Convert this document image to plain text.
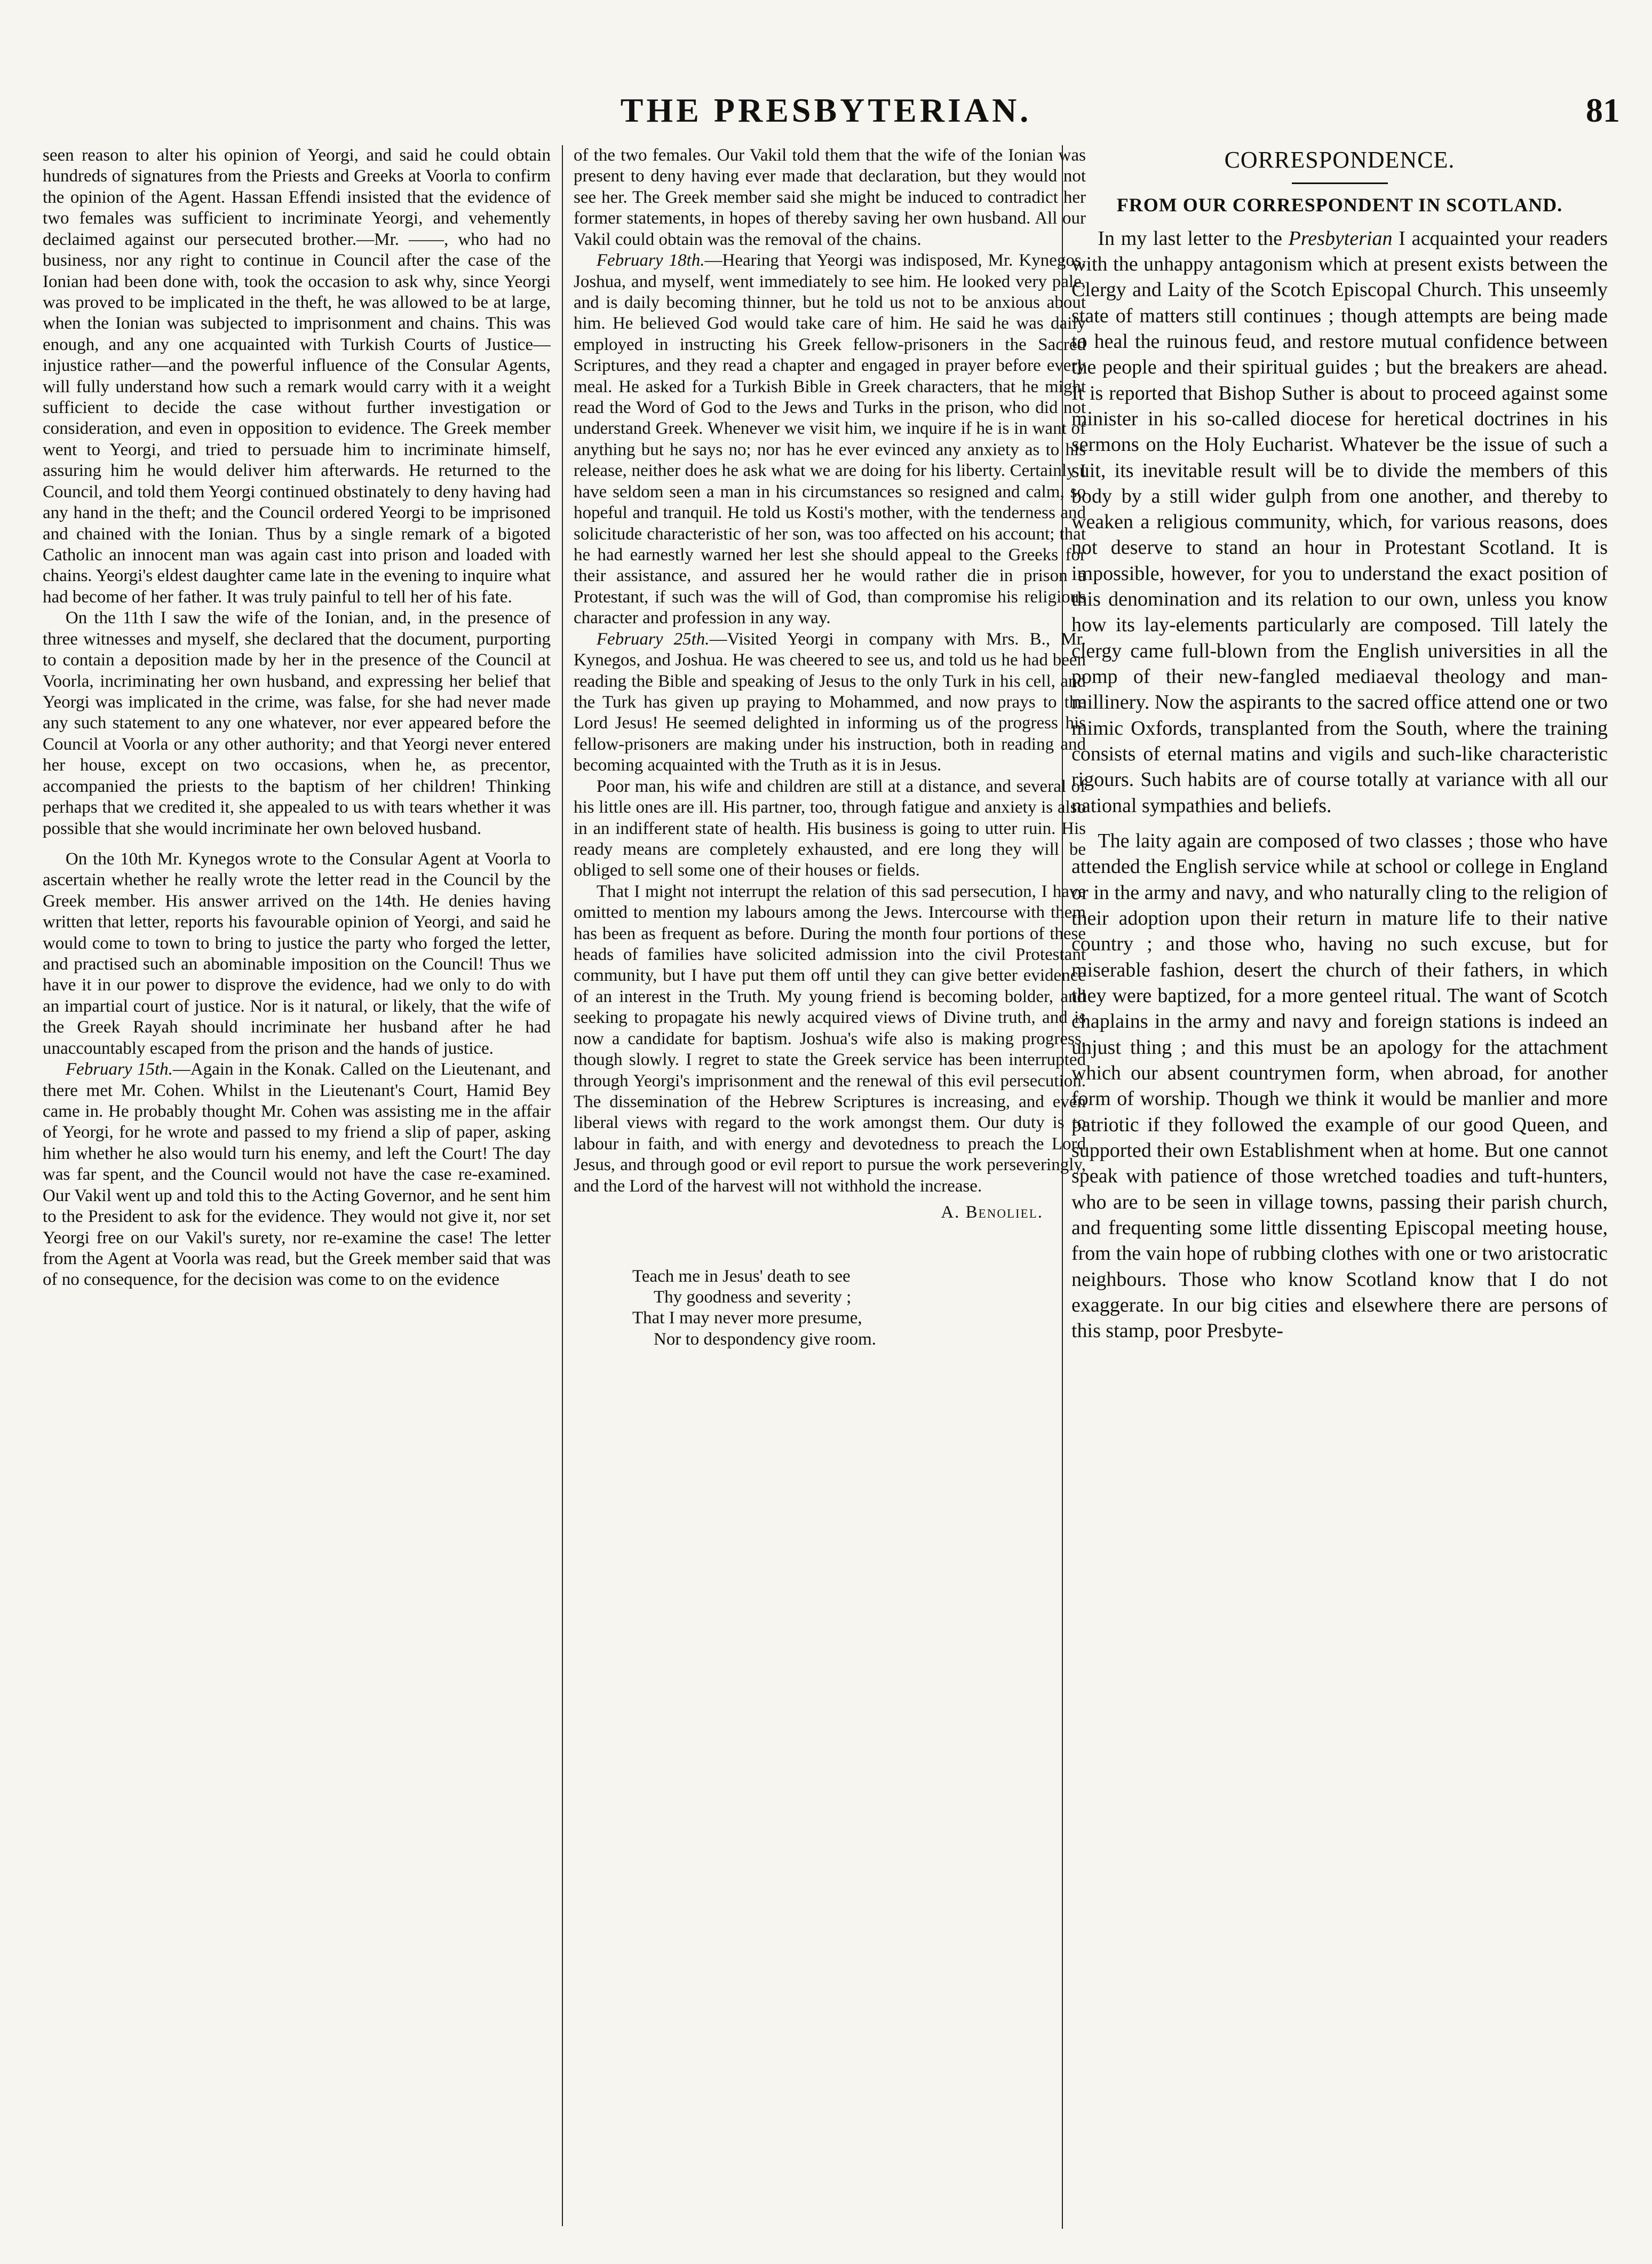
THE PRESBYTERIAN.	81

seen reason to alter his opinion of Yeorgi, and said he could obtain hundreds of signatures from the Priests and Greeks at Voorla to confirm the opinion of the Agent. Hassan Effendi insisted that the evidence of two females was sufficient to incriminate Yeorgi, and vehemently declaimed against our persecuted brother.—Mr. ——, who had no business, nor any right to continue in Council after the case of the Ionian had been done with, took the occasion to ask why, since Yeorgi was proved to be implicated in the theft, he was allowed to be at large, when the Ionian was subjected to imprisonment and chains. This was enough, and any one acquainted with Turkish Courts of Justice—injustice rather—and the powerful influence of the Consular Agents, will fully understand how such a remark would carry with it a weight sufficient to decide the case without further investigation or consideration, and even in opposition to evidence. The Greek member went to Yeorgi, and tried to persuade him to incriminate himself, assuring him he would deliver him afterwards. He returned to the Council, and told them Yeorgi continued obstinately to deny having had any hand in the theft; and the Council ordered Yeorgi to be imprisoned and chained with the Ionian. Thus by a single remark of a bigoted Catholic an innocent man was again cast into prison and loaded with chains. Yeorgi's eldest daughter came late in the evening to inquire what had become of her father. It was truly painful to tell her of his fate.

On the 11th I saw the wife of the Ionian, and, in the presence of three witnesses and myself, she declared that the document, purporting to contain a deposition made by her in the presence of the Council at Voorla, incriminating her own husband, and expressing her belief that Yeorgi was implicated in the crime, was false, for she had never made any such statement to any one whatever, nor ever appeared before the Council at Voorla or any other authority; and that Yeorgi never entered her house, except on two occasions, when he, as precentor, accompanied the priests to the baptism of her children! Thinking perhaps that we credited it, she appealed to us with tears whether it was possible that she would incriminate her own beloved husband.

On the 10th Mr. Kynegos wrote to the Consular Agent at Voorla to ascertain whether he really wrote the letter read in the Council by the Greek member. His answer arrived on the 14th. He denies having written that letter, reports his favourable opinion of Yeorgi, and said he would come to town to bring to justice the party who forged the letter, and practised such an abominable imposition on the Council! Thus we have it in our power to disprove the evidence, had we only to do with an impartial court of justice. Nor is it natural, or likely, that the wife of the Greek Rayah should incriminate her husband after he had unaccountably escaped from the prison and the hands of justice.

February 15th.—Again in the Konak. Called on the Lieutenant, and there met Mr. Cohen. Whilst in the Lieutenant's Court, Hamid Bey came in. He probably thought Mr. Cohen was assisting me in the affair of Yeorgi, for he wrote and passed to my friend a slip of paper, asking him whether he also would turn his enemy, and left the Court! The day was far spent, and the Council would not have the case re-examined. Our Vakil went up and told this to the Acting Governor, and he sent him to the President to ask for the evidence. They would not give it, nor set Yeorgi free on our Vakil's surety, nor re-examine the case! The letter from the Agent at Voorla was read, but the Greek member said that was of no consequence, for the decision was come to on the evidence

of the two females. Our Vakil told them that the wife of the Ionian was present to deny having ever made that declaration, but they would not see her. The Greek member said she might be induced to contradict her former statements, in hopes of thereby saving her own husband. All our Vakil could obtain was the removal of the chains.

February 18th.—Hearing that Yeorgi was indisposed, Mr. Kynegos, Joshua, and myself, went immediately to see him. He looked very pale, and is daily becoming thinner, but he told us not to be anxious about him. He believed God would take care of him. He said he was daily employed in instructing his Greek fellow-prisoners in the Sacred Scriptures, and they read a chapter and engaged in prayer before every meal. He asked for a Turkish Bible in Greek characters, that he might read the Word of God to the Jews and Turks in the prison, who did not understand Greek. Whenever we visit him, we inquire if he is in want of anything but he says no; nor has he ever evinced any anxiety as to his release, neither does he ask what we are doing for his liberty. Certainly I have seldom seen a man in his circumstances so resigned and calm, so hopeful and tranquil. He told us Kosti's mother, with the tenderness and solicitude characteristic of her son, was too affected on his account; that he had earnestly warned her lest she should appeal to the Greeks for their assistance, and assured her he would rather die in prison a Protestant, if such was the will of God, than compromise his religious character and profession in any way.

February 25th.—Visited Yeorgi in company with Mrs. B., Mr. Kynegos, and Joshua. He was cheered to see us, and told us he had been reading the Bible and speaking of Jesus to the only Turk in his cell, and the Turk has given up praying to Mohammed, and now prays to the Lord Jesus! He seemed delighted in informing us of the progress his fellow-prisoners are making under his instruction, both in reading and becoming acquainted with the Truth as it is in Jesus.

Poor man, his wife and children are still at a distance, and several of his little ones are ill. His partner, too, through fatigue and anxiety is also in an indifferent state of health. His business is going to utter ruin. His ready means are completely exhausted, and ere long they will be obliged to sell some one of their houses or fields.

That I might not interrupt the relation of this sad persecution, I have omitted to mention my labours among the Jews. Intercourse with them has been as frequent as before. During the month four portions of these heads of families have solicited admission into the civil Protestant community, but I have put them off until they can give better evidence of an interest in the Truth. My young friend is becoming bolder, and seeking to propagate his newly acquired views of Divine truth, and is now a candidate for baptism. Joshua's wife also is making progress, though slowly. I regret to state the Greek service has been interrupted through Yeorgi's imprisonment and the renewal of this evil persecution. The dissemination of the Hebrew Scriptures is increasing, and even liberal views with regard to the work amongst them. Our duty is to labour in faith, and with energy and devotedness to preach the Lord Jesus, and through good or evil report to pursue the work perseveringly, and the Lord of the harvest will not withhold the increase.

A. Benoliel.
Teach me in Jesus' death to see
Thy goodness and severity ;
That I may never more presume,
Nor to despondency give room.
CORRESPONDENCE.
FROM OUR CORRESPONDENT IN SCOTLAND.

In my last letter to the Presbyterian I acquainted your readers with the unhappy antagonism which at present exists between the Clergy and Laity of the Scotch Episcopal Church. This unseemly state of matters still continues ; though attempts are being made to heal the ruinous feud, and restore mutual confidence between the people and their spiritual guides ; but the breakers are ahead. It is reported that Bishop Suther is about to proceed against some minister in his so-called diocese for heretical doctrines in his sermons on the Holy Eucharist. Whatever be the issue of such a suit, its inevitable result will be to divide the members of this body by a still wider gulph from one another, and thereby to weaken a religious community, which, for various reasons, does not deserve to stand an hour in Protestant Scotland. It is impossible, however, for you to understand the exact position of this denomination and its relation to our own, unless you know how its lay-elements particularly are composed. Till lately the clergy came full-blown from the English universities in all the pomp of their new-fangled mediaeval theology and man-millinery. Now the aspirants to the sacred office attend one or two mimic Oxfords, transplanted from the South, where the training consists of eternal matins and vigils and such-like characteristic rigours. Such habits are of course totally at variance with all our national sympathies and beliefs.

The laity again are composed of two classes ; those who have attended the English service while at school or college in England or in the army and navy, and who naturally cling to the religion of their adoption upon their return in mature life to their native country ; and those who, having no such excuse, but for miserable fashion, desert the church of their fathers, in which they were baptized, for a more genteel ritual. The want of Scotch chaplains in the army and navy and foreign stations is indeed an unjust thing ; and this must be an apology for the attachment which our absent countrymen form, when abroad, for another form of worship. Though we think it would be manlier and more patriotic if they followed the example of our good Queen, and supported their own Establishment when at home. But one cannot speak with patience of those wretched toadies and tuft-hunters, who are to be seen in village towns, passing their parish church, and frequenting some little dissenting Episcopal meeting house, from the vain hope of rubbing clothes with one or two aristocratic neighbours. Those who know Scotland know that I do not exaggerate. In our big cities and elsewhere there are persons of this stamp, poor Presbyte-
